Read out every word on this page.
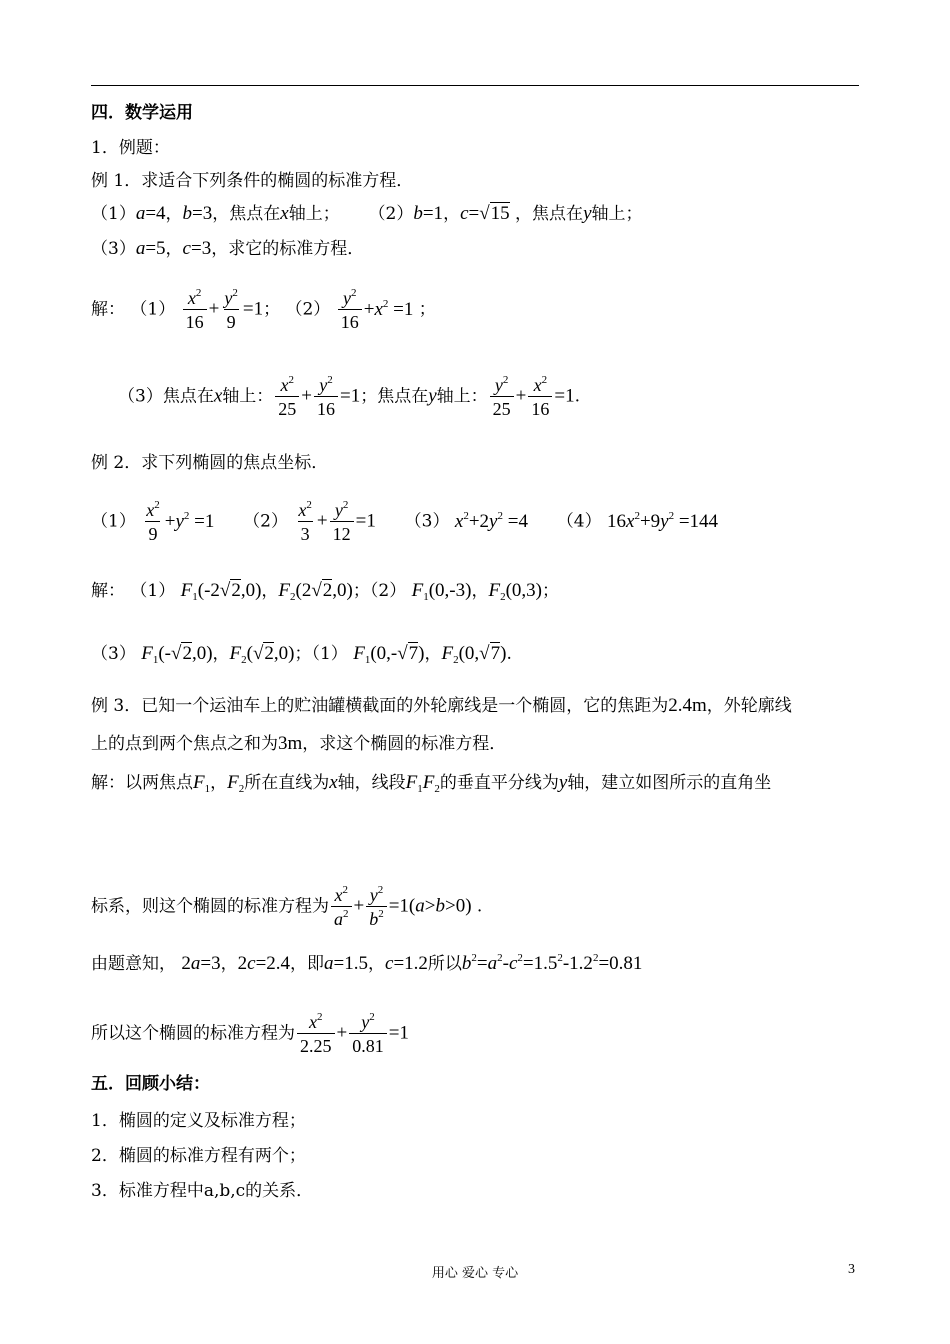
四．数学运用
1．例题：
例 1．求适合下列条件的椭圆的标准方程．
（1）a=4，b=3，焦点在x轴上； （2）b=1，c=√15 ，焦点在y轴上；
（3）a=5，c=3，求它的标准方程．
解： $(1) \frac{x^2}{16} + \frac{y^2}{9} =1$； $(2) \frac{y^2}{16} +x^2 =1$ ；
（3）焦点在x轴上： $\frac{x^2}{25} + \frac{y^2}{16} =1$；焦点在y轴上： $\frac{y^2}{25} + \frac{x^2}{16} =1$.
例 2．求下列椭圆的焦点坐标．
$(1) \frac{x^2}{9} +y^2 =1$ $(2) \frac{x^2}{3} + \frac{y^2}{12} =1$ （3） $x^2+2y^2 =4$ （4） $16x^2+9y^2 =144$
解： （1） $F_1(-2√2,0)$，$F_2(2√2,0)$；（2） $F_1(0,-3)$，$F_2(0,3)$；
（3） $F_1(-√2,0)$，$F_2(√2,0)$；（1） $F_1(0,-√7)$，$F_2(0,√7)$.
例 3．已知一个运油车上的贮油罐横截面的外轮廓线是一个椭圆，它的焦距为2.4m，外轮廓线
上的点到两个焦点之和为3m，求这个椭圆的标准方程．
解：以两焦点$F_1$，$F_2$所在直线为x轴，线段$F_1F_2$的垂直平分线为y轴，建立如图所示的直角坐
标系，则这个椭圆的标准方程为 $\frac{x^2}{a^2} + \frac{y^2}{b^2} =1(a>b>0)$ .
由题意知， 2a=3，2c=2.4，即a=1.5，c=1.2所以$b^2=a^2-c^2=1.5^2-1.2^2=0.81$
所以这个椭圆的标准方程为 $\frac{x^2}{2.25} + \frac{y^2}{0.81} =1$
五．回顾小结：
1．椭圆的定义及标准方程；
2．椭圆的标准方程有两个；
3．标准方程中a,b,c的关系．
用心 爱心 专心	3
